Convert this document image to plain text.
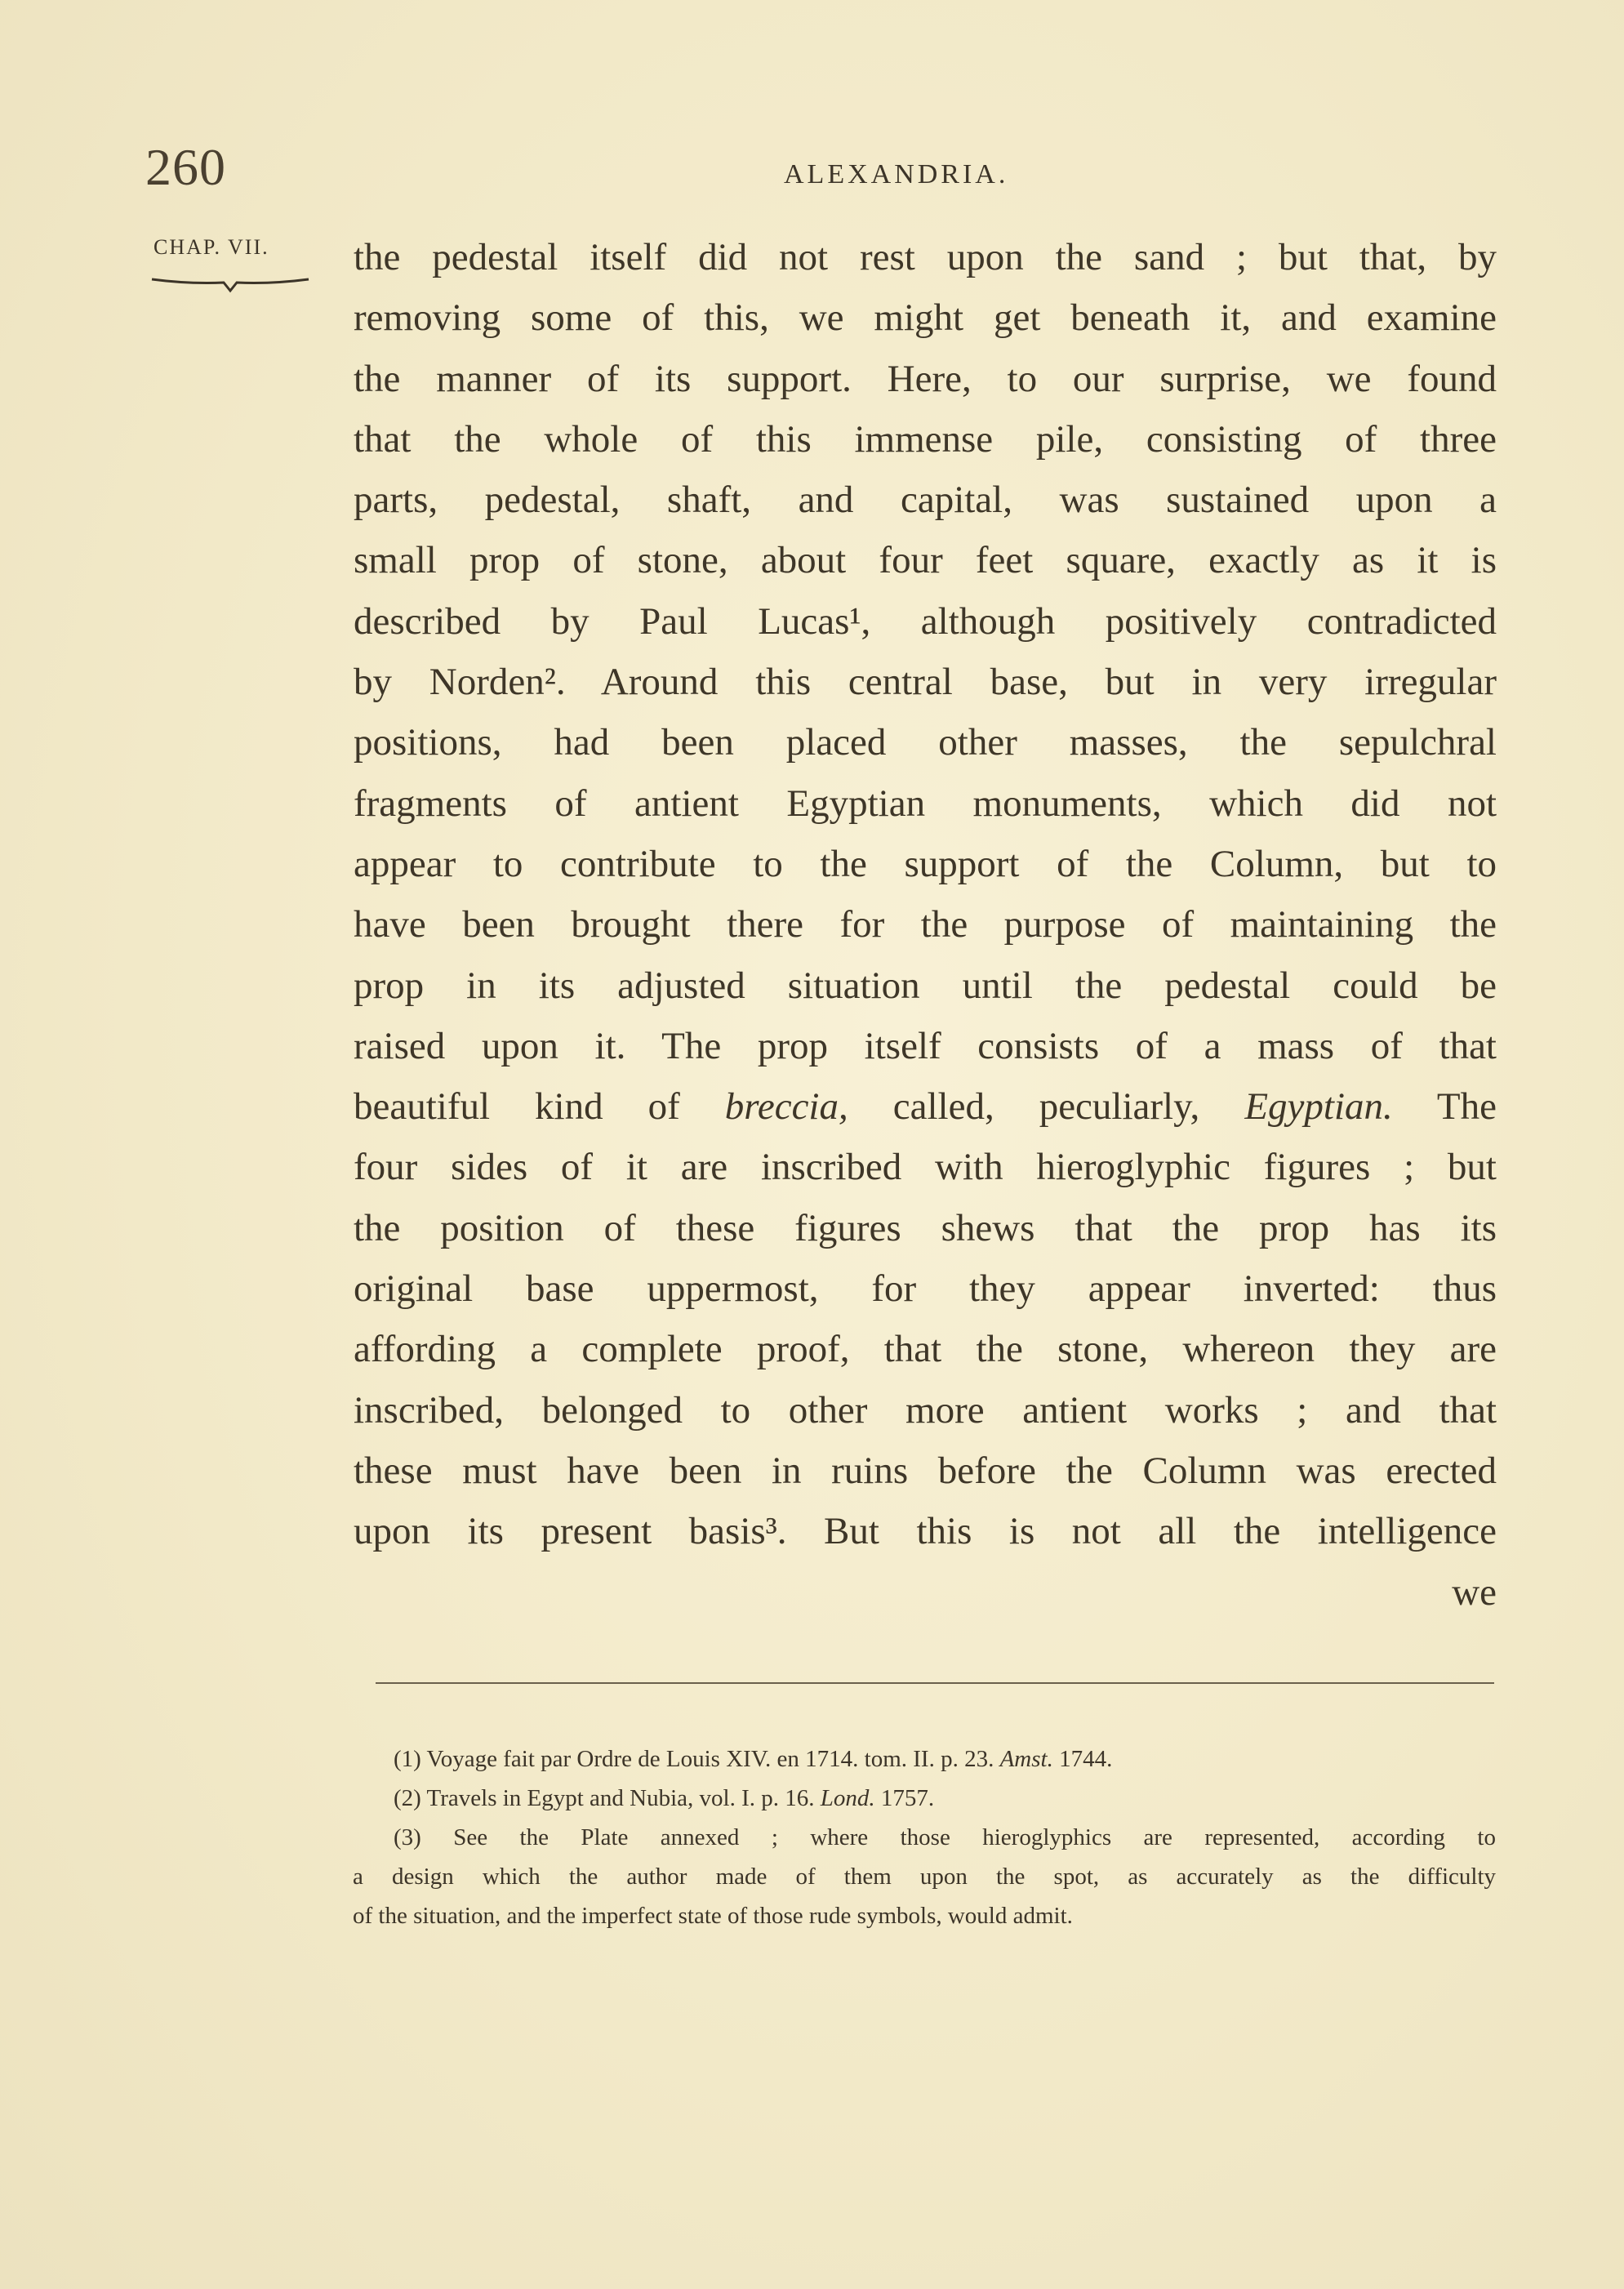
260	ALEXANDRIA.
CHAP. VII. the pedestal itself did not rest upon the sand ; but that, by
removing some of this, we might get beneath it, and examine
the manner of its support. Here, to our surprise, we found
that the whole of this immense pile, consisting of three
parts, pedestal, shaft, and capital, was sustained upon a
small prop of stone, about four feet square, exactly as it is
described by Paul Lucas¹, although positively contradicted
by Norden². Around this central base, but in very irregular
positions, had been placed other masses, the sepulchral
fragments of antient Egyptian monuments, which did not
appear to contribute to the support of the Column, but to
have been brought there for the purpose of maintaining the
prop in its adjusted situation until the pedestal could be
raised upon it. The prop itself consists of a mass of that
beautiful kind of breccia, called, peculiarly, Egyptian. The
four sides of it are inscribed with hieroglyphic figures ; but
the position of these figures shews that the prop has its
original base uppermost, for they appear inverted: thus
affording a complete proof, that the stone, whereon they are
inscribed, belonged to other more antient works ; and that
these must have been in ruins before the Column was erected
upon its present basis³. But this is not all the intelligence
we
(1) Voyage fait par Ordre de Louis XIV. en 1714. tom. II. p. 23. Amst. 1744.
(2) Travels in Egypt and Nubia, vol. I. p. 16. Lond. 1757.
(3) See the Plate annexed ; where those hieroglyphics are represented, according to
a design which the author made of them upon the spot, as accurately as the difficulty
of the situation, and the imperfect state of those rude symbols, would admit.
